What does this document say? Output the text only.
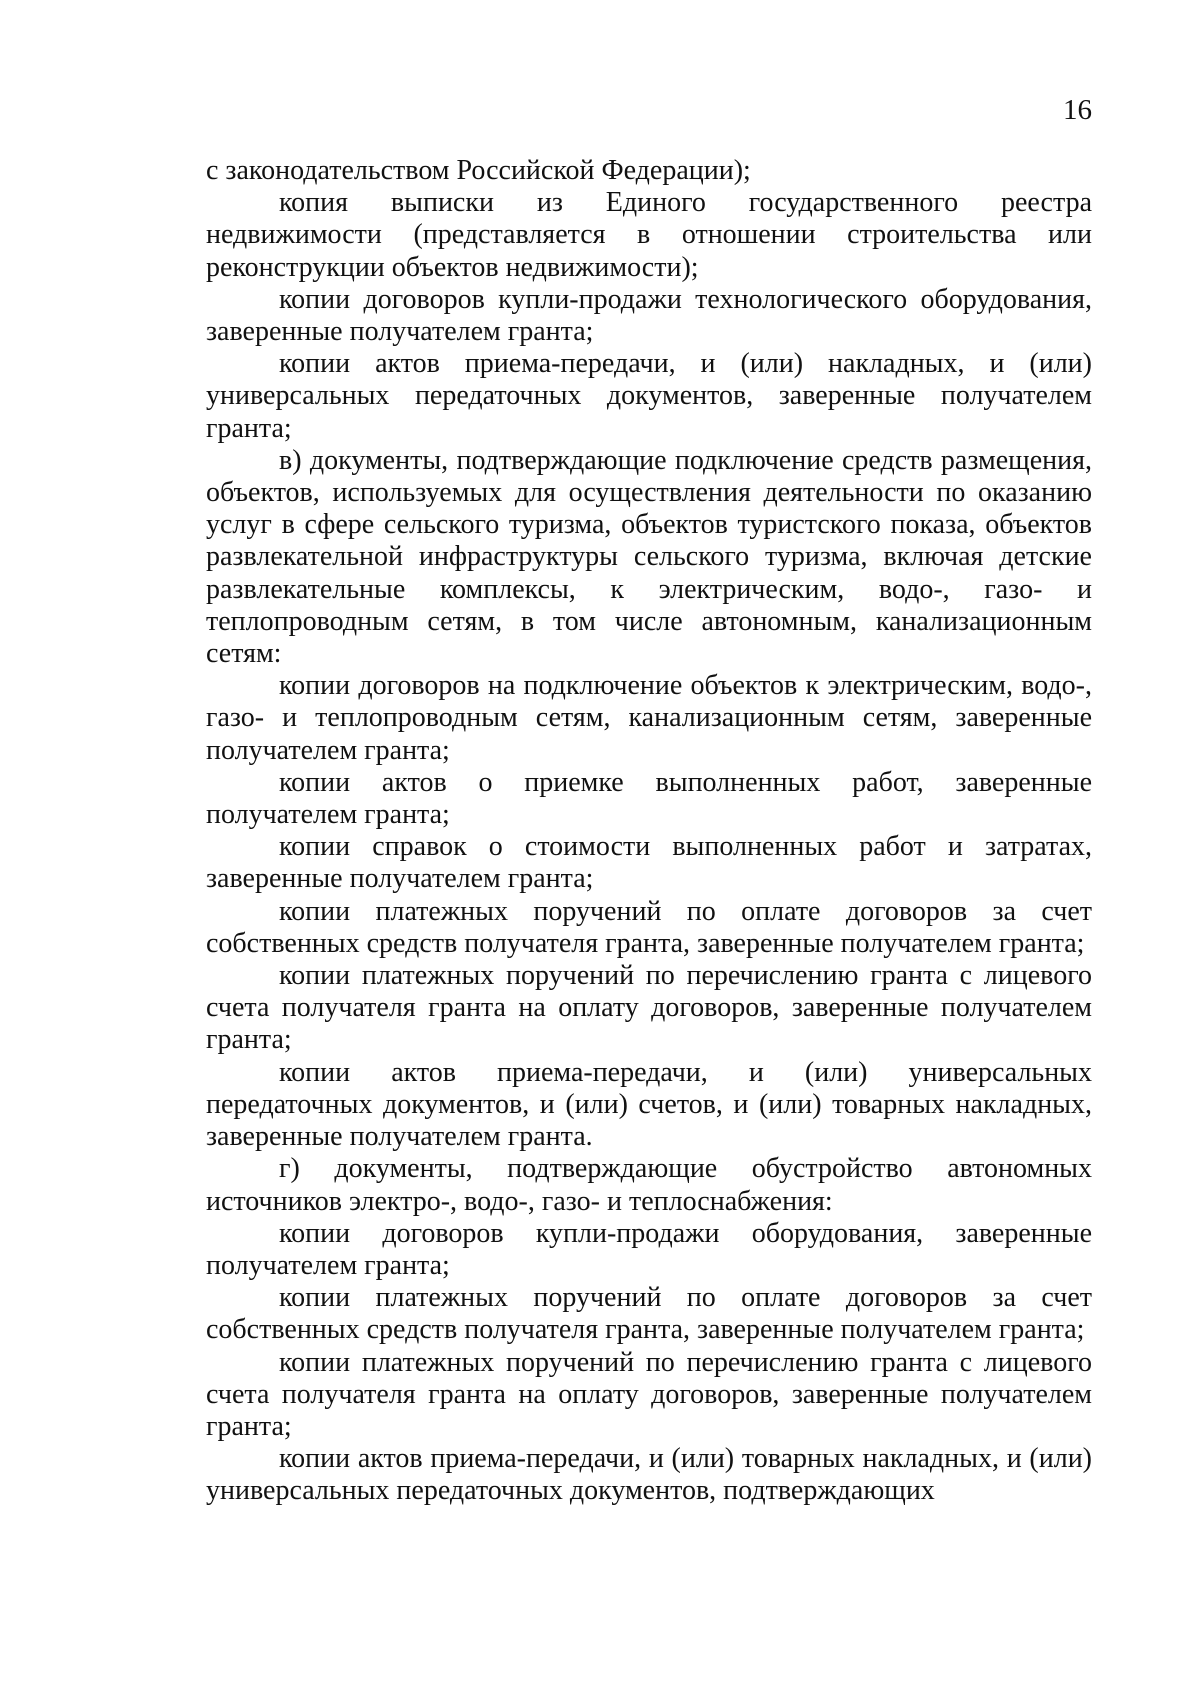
16

с законодательством Российской Федерации);

копия выписки из Единого государственного реестра недвижимости (представляется в отношении строительства или реконструкции объектов недвижимости);

копии договоров купли-продажи технологического оборудования, заверенные получателем гранта;

копии актов приема-передачи, и (или) накладных, и (или) универсальных передаточных документов, заверенные получателем гранта;

в) документы, подтверждающие подключение средств размещения, объектов, используемых для осуществления деятельности по оказанию услуг в сфере сельского туризма, объектов туристского показа, объектов развлекательной инфраструктуры сельского туризма, включая детские развлекательные комплексы, к электрическим, водо-, газо- и теплопроводным сетям, в том числе автономным, канализационным сетям:

копии договоров на подключение объектов к электрическим, водо-, газо- и теплопроводным сетям, канализационным сетям, заверенные получателем гранта;

копии актов о приемке выполненных работ, заверенные получателем гранта;

копии справок о стоимости выполненных работ и затратах, заверенные получателем гранта;

копии платежных поручений по оплате договоров за счет собственных средств получателя гранта, заверенные получателем гранта;

копии платежных поручений по перечислению гранта с лицевого счета получателя гранта на оплату договоров, заверенные получателем гранта;

копии актов приема-передачи, и (или) универсальных передаточных документов, и (или) счетов, и (или) товарных накладных, заверенные получателем гранта.

г) документы, подтверждающие обустройство автономных источников электро-, водо-, газо- и теплоснабжения:

копии договоров купли-продажи оборудования, заверенные получателем гранта;

копии платежных поручений по оплате договоров за счет собственных средств получателя гранта, заверенные получателем гранта;

копии платежных поручений по перечислению гранта с лицевого счета получателя гранта на оплату договоров, заверенные получателем гранта;

копии актов приема-передачи, и (или) товарных накладных, и (или) универсальных передаточных документов, подтверждающих
